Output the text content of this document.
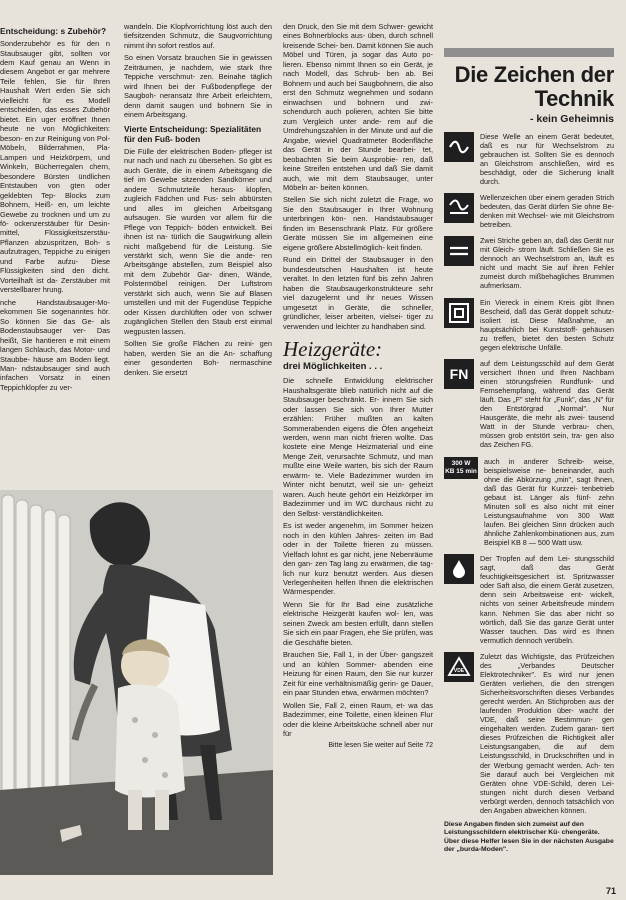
Entscheidung: s Zubehör?

Sonderzubehör es für den n Staubsauger gibt, sollten vor dem Kauf genau an Wenn in diesem Angebot er gar mehrere Teile fehlen, Sie für Ihren Haushalt Wert erden Sie sich vielleicht für es Modell entscheiden, das esses Zubehör bietet. Ein uger eröffnet Ihnen heute ne von Möglichkeiten: beson- en zur Reinigung von Pol- Möbeln, Bilderrahmen, Pla- Lampen und Heizkörpern, und Winkeln, Bücherregalen chern, besondere Bürsten ündlichen Entstauben von gten oder geklebten Tep- Blocks zum Bohnern, Heiß- en, um leichte Gewebe zu trocknen und um zu fö- ockenzerstäuber für Desin- mittel, Flüssigkeitszerstäu- Pflanzen abzuspritzen, Boh- s aufzutragen, Teppiche zu einigen und Farbe aufzu- Diese Flüssigkeiten sind den dicht. Vorteilhaft ist da- Zerstäuber mit verstellbarer hrung.

nche Handstaubsauger-Mo- ekommen Sie sogenanntes hör. So können Sie das Ge- als Bodenstaubsauger ver- Das heißt, Sie hantieren e mit einem langen Schlauch, das Motor- und Staubbe- häuse am Boden liegt. Man- ndstaubsauger sind auch infachen Vorsatz in einen Teppichklopfer zu ver-

wandeln. Die Klopfvorrichtung löst auch den tiefsitzenden Schmutz, die Saugvorrichtung nimmt ihn sofort restlos auf.

So einen Vorsatz brauchen Sie in gewissen Zeiträumen, je nachdem, wie stark Ihre Teppiche verschmut- zen. Beinahe täglich wird Ihnen bei der Fußbodenpflege der Saugboh- neransatz Ihre Arbeit erleichtern, denn damit saugen und bohnern Sie in einem Arbeitsgang.

Vierte Entscheidung: Spezialitäten für den Fuß- boden

Die Fülle der elektrischen Boden- pfleger ist nur nach und nach zu übersehen. So gibt es auch Geräte, die in einem Arbeitsgang die tief im Gewebe sitzenden Sandkörner und andere Schmutzteile heraus- klopfen, zugleich Fädchen und Fus- seln abbürsten und alles im gleichen Arbeitsgang aufsaugen. Sie wurden vor allem für die Pflege von Teppich- böden entwickelt. Bei ihnen ist na- türlich die Saugwirkung allein nicht maßgebend für die Leistung. Sie verstärkt sich, wenn Sie die ande- ren Arbeitsgänge abstellen, zum Beispiel also mit dem Zubehör Gar- dinen, Wände, Polstermöbel reinigen. Der Luftstrom verstärkt sich auch, wenn Sie auf Blasen umstellen und mit der Fugendüse Teppiche oder Kissen durchlüften oder von schwer zugänglichen Stellen den Staub erst einmal wegpusten lassen.

Sollten Sie große Flächen zu reini- gen haben, werden Sie an die An- schaffung einer gesonderten Boh- nermaschine denken. Sie ersetzt

den Druck, den Sie mit dem Schwer- gewicht eines Bohnerblocks aus- üben, durch schnell kreisende Schei- ben. Damit können Sie auch Möbel und Türen, ja sogar das Auto po- lieren. Ebenso nimmt Ihnen so ein Gerät, je nach Modell, das Schrub- ben ab. Bei Bohnern und auch bei Saugbohnern, die also erst den Schmutz wegnehmen und sodann einwachsen und bohnern und zwi- schendurch auch polieren, achten Sie bitte zum Vergleich unter ande- rem auf die Umdrehungszahlen in der Minute und auf die Angabe, wieviel Quadratmeter Bodenfläche das Gerät in der Stunde bearbei- tet, beobachten Sie beim Ausprobie- ren, daß keine Streifen entstehen und daß Sie damit auch, wie mit dem Staubsauger, unter Möbeln ar- beiten können.

Stellen Sie sich nicht zuletzt die Frage, wo Sie den Staubsauger in Ihrer Wohnung unterbringen kön- nen. Handstaubsauger finden im Besenschrank Platz. Für größere Geräte müssen Sie im allgemeinen eine eigene größere Abstellmöglich- keit finden.

Rund ein Drittel der Staubsauger in den bundesdeutschen Haushalten ist heute veraltet. In den letzten fünf bis zehn Jahren haben die Staubsaugerkonstrukteure sehr viel dazugelernt und ihr neues Wissen umgesetzt in Geräte, die schneller, gründlicher, leiser arbeiten, vielsei- tiger zu verwenden und leichter zu handhaben sind.

Heizgeräte:
drei Möglichkeiten . . .

Die schnelle Entwicklung elektrischer Haushaltsgeräte blieb natürlich nicht auf die Staubsauger beschränkt. Er- innern Sie sich oder lassen Sie sich von Ihrer Mutter erzählen: Früher mußten an kalten Sommerabenden eigens die Öfen angeheizt werden, wenn man nicht frieren wollte. Das kostete eine Menge Heizmaterial und eine Menge Zeit, verursachte Schmutz, und man mußte eine Weile warten, bis sich der Raum erwärm- te. Viele Badezimmer wurden im Winter nicht benutzt, weil sie un- geheizt waren. Auch heute gehört ein Heizkörper im Badezimmer und im WC durchaus nicht zu den Selbst- verständlichkeiten.

Es ist weder angenehm, im Sommer heizen noch in den kühlen Jahres- zeiten im Bad oder in der Toilette frieren zu müssen. Vielfach lohnt es gar nicht, jene Nebenräume den gan- zen Tag lang zu erwärmen, die tag- lich nur kurz benutzt werden. Aus diesen Verlegenheiten helfen Ihnen die elektrischen Wärmespender.

Wenn Sie für Ihr Bad eine zusätzliche elektrische Heizgerät kaufen wol- len, was seinen Zweck am besten erfüllt, dann stellen Sie sich ein paar Fragen, ehe Sie prüfen, was die Geschäfte bieten.

Brauchen Sie, Fall 1, in der Über- gangszeit und an kühlen Sommer- abenden eine Heizung für einen Raum, den Sie nur kurzer Zeit für eine verhältnismäßig gerin- ge Dauer, ein paar Stunden etwa, erwärmen möchten?

Wollen Sie, Fall 2, einen Raum, et- wa das Badezimmer, eine Toilette, einen kleinen Flur oder die kleine Arbeitsküche schnell aber nur für

Bitte lesen Sie weiter auf Seite 72
Die Zeichen der Technik
- kein Geheimnis
Diese Welle an einem Gerät bedeutet, daß es nur für Wechselstrom zu gebrauchen ist. Sollten Sie es dennoch an Gleichstrom anschließen, wird es beschädigt, oder die Sicherung knallt durch.
Wellenzeichen über einem geraden Strich bedeuten, das Gerät dürfen Sie ohne Be- denken mit Wechsel- wie mit Gleichstrom betreiben.
Zwei Striche geben an, daß das Gerät nur mit Gleich- strom läuft. Schließen Sie es dennoch an Wechselstrom an, läuft es nicht und macht Sie auf ihren Fehler zumeist durch mißbehagliches Brummen aufmerksam.
Ein Viereck in einem Kreis gibt Ihnen Bescheid, daß das Gerät doppelt schutz- isoliert ist. Diese Maßnahme, an hauptsächlich bei Kunststoff- gehäusen zu treffen, bietet den besten Schutz gegen elektrische Unfälle.
FN
auf dem Leistungsschild auf dem Gerät versichert Ihnen und Ihren Nachbarn einen störungsfreien Rundfunk- und Fernsehempfang, während das Gerät läuft. Das „F" steht für „Funk", das „N" für den Entstörgrad „Normal". Nur Hausgeräte, die mehr als zwei- tausend Watt in der Stunde verbrau- chen, müssen grob entstört sein, tra- gen also das Zeichen FG.
300 W
KB 15 min
auch in anderer Schreib- weise, beispielsweise ne- beneinander, auch ohne die Abkürzung „min", sagt Ihnen, daß das Gerät für Kurzzei- tenbetrieb gebaut ist. Länger als fünf- zehn Minuten soll es also nicht mit einer Leistungsaufnahme von 300 Watt laufen. Bei gleichen Sinn drücken auch ähnliche Zahlenkombinationen aus, zum Beispiel KB 8 — 500 Watt usw.
Der Tropfen auf dem Lei- stungsschild sagt, daß das Gerät feuchtigkeitsgesichert ist. Spritzwasser oder Saft also, die einem Gerät zusetzen, denn sein Arbeitsweise ent- wickelt, nichts von seiner Arbeitsfreude mindern kann. Nehmen Sie das aber nicht so wörtlich, daß Sie das ganze Gerät unter Wasser tauchen. Das wird es Ihnen vermutlich dennoch verübeln.
VDE
Zuletzt das Wichtigste, das Prüfzeichen des „Verbandes Deutscher Elektrotechniker". Es wird nur jenen Geräten verliehen, die den strengen Sicherheitsvorschriften dieses Verbandes gerecht werden. An Stichproben aus der laufenden Produktion über- wacht der VDE, daß seine Bestimmun- gen eingehalten werden. Zudem garan- tiert dieses Prüfzeichen die Richtigkeit aller Leistungsangaben, die auf dem Leistungsschild, in Druckschriften und in der Werbung gemacht werden. Ach- ten Sie darauf auch bei Vergleichen mit Geräten ohne VDE-Schild, deren Lei- stungen nicht durch diesen Verband verbürgt werden, dennoch tatsächlich von den Angaben abweichen können.
Diese Angaben finden sich zumeist auf den Leistungsschildern elektrischer Kü- chengeräte. Über diese Helfer lesen Sie in der nächsten Ausgabe der „burda-Moden".
71
